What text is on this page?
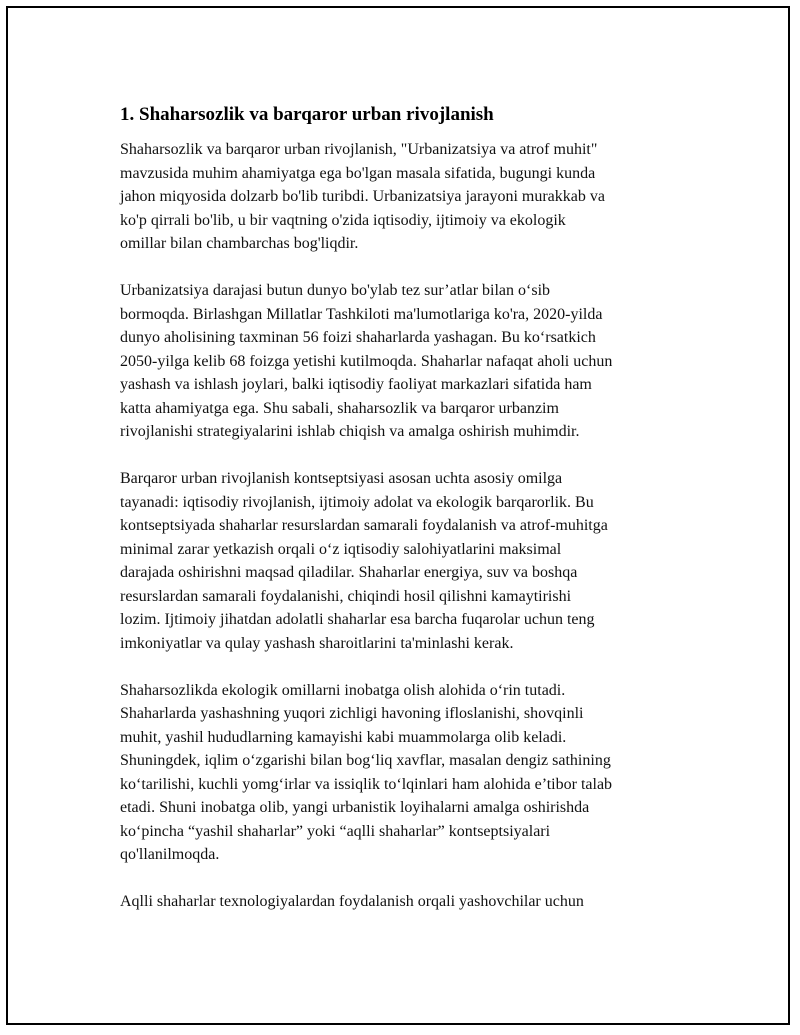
1. Shaharsozlik va barqaror urban rivojlanish

Shaharsozlik va barqaror urban rivojlanish, "Urbanizatsiya va atrof muhit"
mavzusida muhim ahamiyatga ega bo'lgan masala sifatida, bugungi kunda
jahon miqyosida dolzarb bo'lib turibdi. Urbanizatsiya jarayoni murakkab va
ko'p qirrali bo'lib, u bir vaqtning o'zida iqtisodiy, ijtimoiy va ekologik
omillar bilan chambarchas bog'liqdir.

Urbanizatsiya darajasi butun dunyo bo'ylab tez sur’atlar bilan o‘sib
bormoqda. Birlashgan Millatlar Tashkiloti ma'lumotlariga ko'ra, 2020-yilda
dunyo aholisining taxminan 56 foizi shaharlarda yashagan. Bu ko‘rsatkich
2050-yilga kelib 68 foizga yetishi kutilmoqda. Shaharlar nafaqat aholi uchun
yashash va ishlash joylari, balki iqtisodiy faoliyat markazlari sifatida ham
katta ahamiyatga ega. Shu sabali, shaharsozlik va barqaror urbanzim
rivojlanishi strategiyalarini ishlab chiqish va amalga oshirish muhimdir.

Barqaror urban rivojlanish kontseptsiyasi asosan uchta asosiy omilga
tayanadi: iqtisodiy rivojlanish, ijtimoiy adolat va ekologik barqarorlik. Bu
kontseptsiyada shaharlar resurslardan samarali foydalanish va atrof-muhitga
minimal zarar yetkazish orqali o‘z iqtisodiy salohiyatlarini maksimal
darajada oshirishni maqsad qiladilar. Shaharlar energiya, suv va boshqa
resurslardan samarali foydalanishi, chiqindi hosil qilishni kamaytirishi
lozim. Ijtimoiy jihatdan adolatli shaharlar esa barcha fuqarolar uchun teng
imkoniyatlar va qulay yashash sharoitlarini ta'minlashi kerak.

Shaharsozlikda ekologik omillarni inobatga olish alohida o‘rin tutadi.
Shaharlarda yashashning yuqori zichligi havoning ifloslanishi, shovqinli
muhit, yashil hududlarning kamayishi kabi muammolarga olib keladi.
Shuningdek, iqlim o‘zgarishi bilan bog‘liq xavflar, masalan dengiz sathining
ko‘tarilishi, kuchli yomg‘irlar va issiqlik to‘lqinlari ham alohida e’tibor talab
etadi. Shuni inobatga olib, yangi urbanistik loyihalarni amalga oshirishda
ko‘pincha “yashil shaharlar” yoki “aqlli shaharlar” kontseptsiyalari
qo'llanilmoqda.

Aqlli shaharlar texnologiyalardan foydalanish orqali yashovchilar uchun
